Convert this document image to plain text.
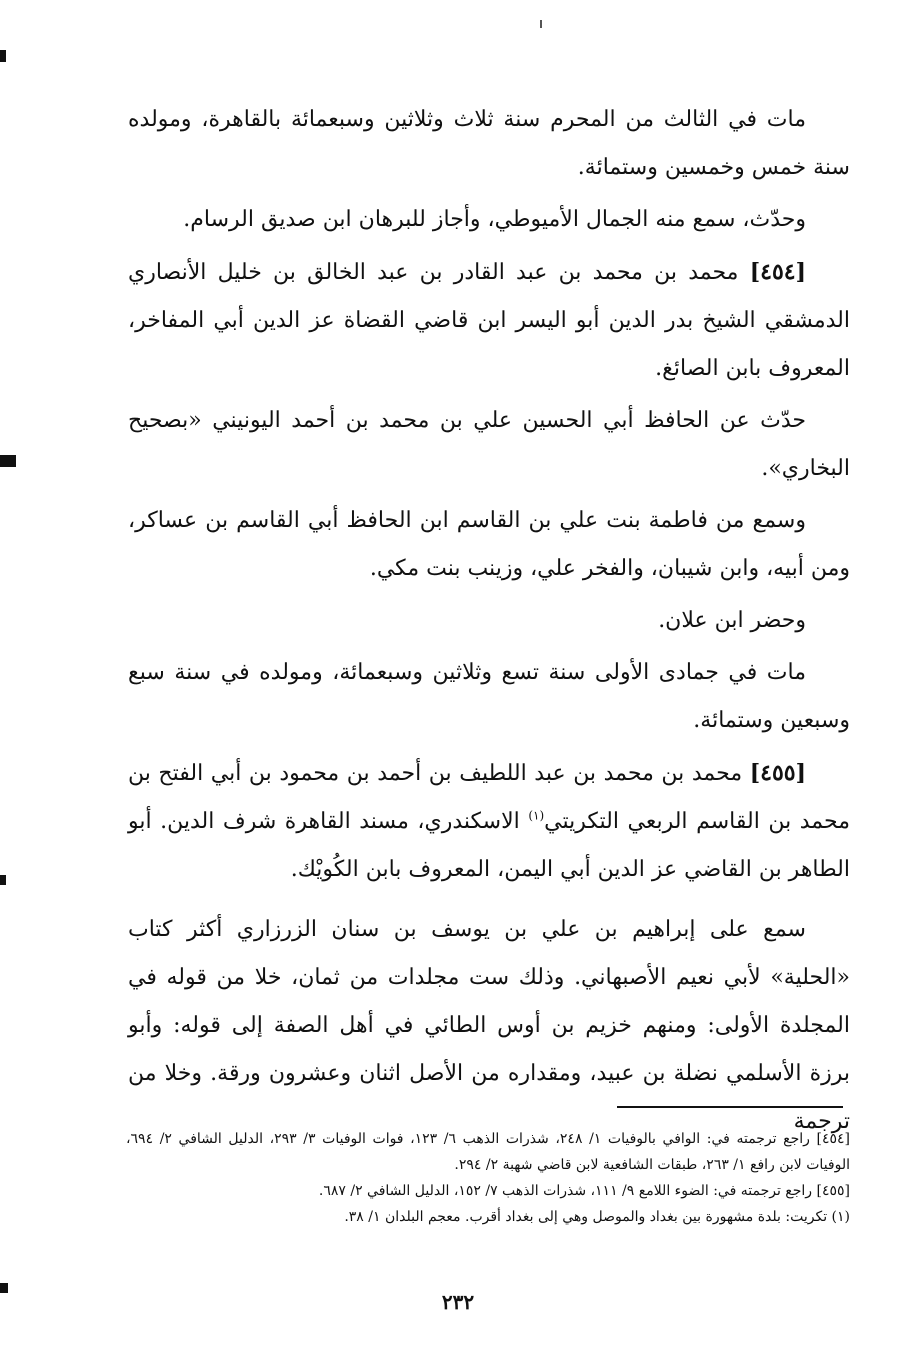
مات في الثالث من المحرم سنة ثلاث وثلاثين وسبعمائة بالقاهرة، ومولده سنة خمس وخمسين وستمائة.

وحدّث، سمع منه الجمال الأميوطي، وأجاز للبرهان ابن صديق الرسام.

[٤٥٤] محمد بن محمد بن عبد القادر بن عبد الخالق بن خليل الأنصاري الدمشقي الشيخ بدر الدين أبو اليسر ابن قاضي القضاة عز الدين أبي المفاخر، المعروف بابن الصائغ.

حدّث عن الحافظ أبي الحسين علي بن محمد بن أحمد اليونيني «بصحيح البخاري».

وسمع من فاطمة بنت علي بن القاسم ابن الحافظ أبي القاسم بن عساكر، ومن أبيه، وابن شيبان، والفخر علي، وزينب بنت مكي.

وحضر ابن علان.

مات في جمادى الأولى سنة تسع وثلاثين وسبعمائة، ومولده في سنة سبع وسبعين وستمائة.

[٤٥٥] محمد بن محمد بن عبد اللطيف بن أحمد بن محمود بن أبي الفتح بن محمد بن القاسم الربعي التكريتي$^{(١)}$ الاسكندري، مسند القاهرة شرف الدين. أبو الطاهر بن القاضي عز الدين أبي اليمن، المعروف بابن الكُويْك.

سمع على إبراهيم بن علي بن يوسف بن سنان الزرزاري أكثر كتاب «الحلية» لأبي نعيم الأصبهاني. وذلك ست مجلدات من ثمان، خلا من قوله في المجلدة الأولى: ومنهم خزيم بن أوس الطائي في أهل الصفة إلى قوله: وأبو برزة الأسلمي نضلة بن عبيد، ومقداره من الأصل اثنان وعشرون ورقة. وخلا من ترجمة

[٤٥٤] راجع ترجمته في: الوافي بالوفيات ١/ ٢٤٨، شذرات الذهب ٦/ ١٢٣، فوات الوفيات ٣/ ٢٩٣، الدليل الشافي ٢/ ٦٩٤، الوفيات لابن رافع ١/ ٢٦٣، طبقات الشافعية لابن قاضي شهبة ٢/ ٢٩٤.

[٤٥٥] راجع ترجمته في: الضوء اللامع ٩/ ١١١، شذرات الذهب ٧/ ١٥٢، الدليل الشافي ٢/ ٦٨٧.

(١) تكريت: بلدة مشهورة بين بغداد والموصل وهي إلى بغداد أقرب. معجم البلدان ١/ ٣٨.

٢٣٢
